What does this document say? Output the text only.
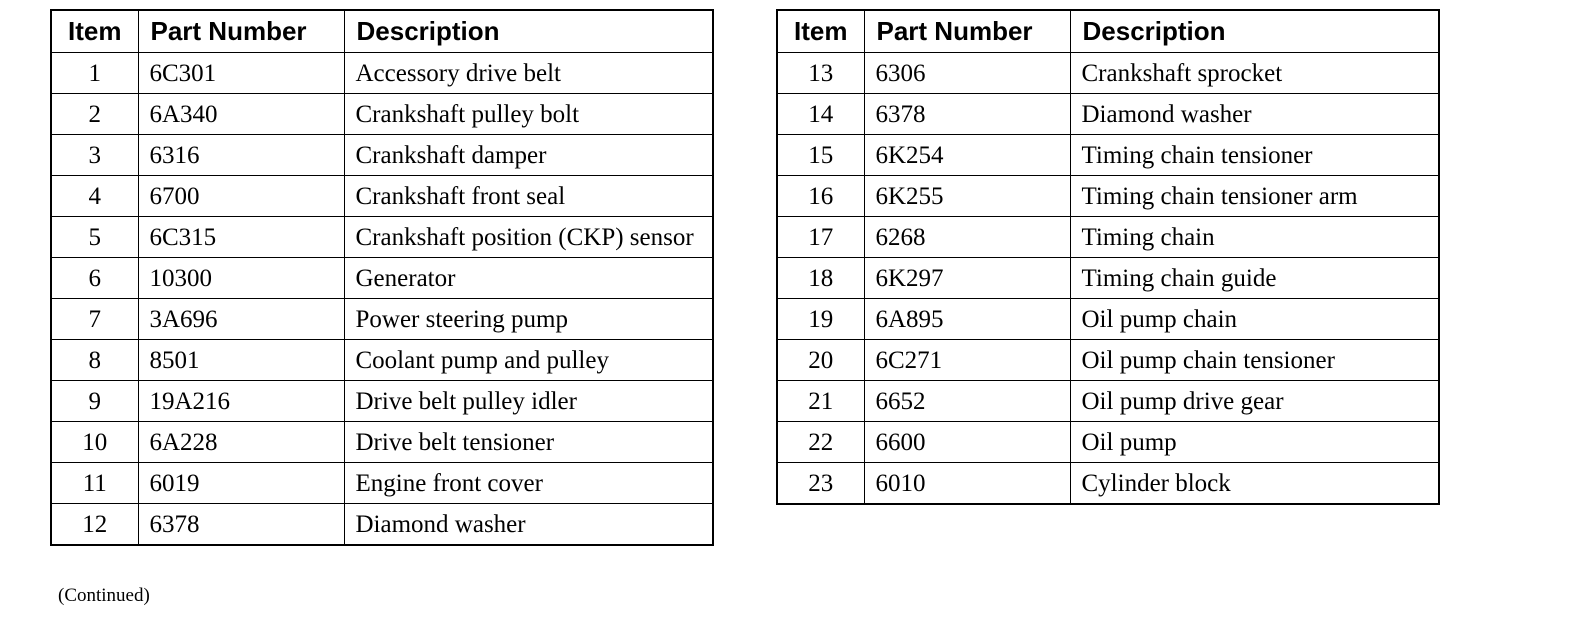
Item	Part Number	Description
1	6C301	Accessory drive belt
2	6A340	Crankshaft pulley bolt
3	6316	Crankshaft damper
4	6700	Crankshaft front seal
5	6C315	Crankshaft position (CKP) sensor
6	10300	Generator
7	3A696	Power steering pump
8	8501	Coolant pump and pulley
9	19A216	Drive belt pulley idler
10	6A228	Drive belt tensioner
11	6019	Engine front cover
12	6378	Diamond washer
Item	Part Number	Description
13	6306	Crankshaft sprocket
14	6378	Diamond washer
15	6K254	Timing chain tensioner
16	6K255	Timing chain tensioner arm
17	6268	Timing chain
18	6K297	Timing chain guide
19	6A895	Oil pump chain
20	6C271	Oil pump chain tensioner
21	6652	Oil pump drive gear
22	6600	Oil pump
23	6010	Cylinder block
(Continued)
